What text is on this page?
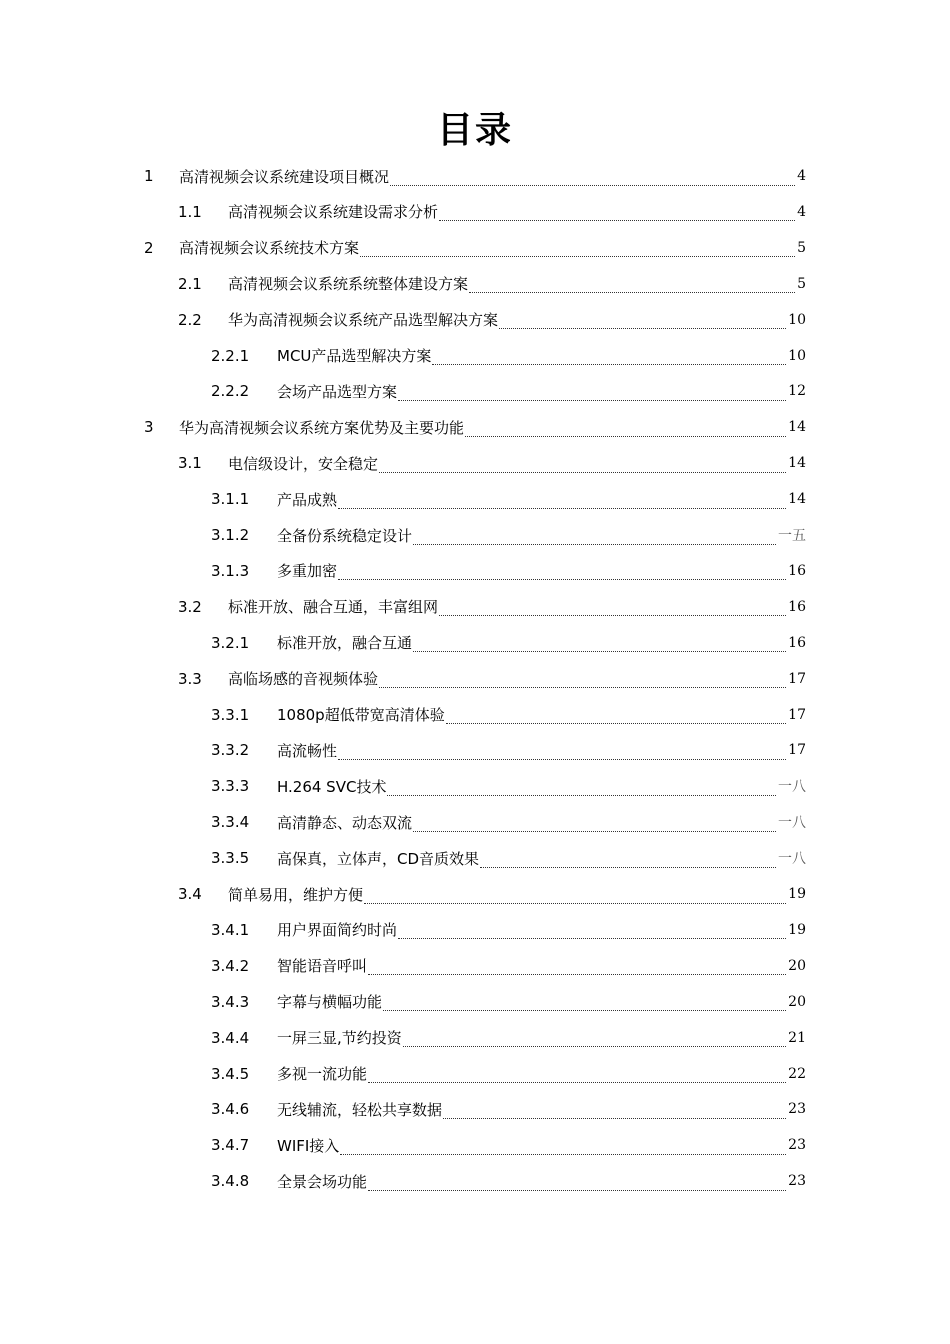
目录
1	高清视频会议系统建设项目概况	4
1.1	高清视频会议系统建设需求分析	4
2	高清视频会议系统技术方案	5
2.1	高清视频会议系统系统整体建设方案	5
2.2	华为高清视频会议系统产品选型解决方案	10
2.2.1	MCU产品选型解决方案	10
2.2.2	会场产品选型方案	12
3	华为高清视频会议系统方案优势及主要功能	14
3.1	电信级设计，安全稳定	14
3.1.1	产品成熟	14
3.1.2	全备份系统稳定设计	一五
3.1.3	多重加密	16
3.2	标准开放、融合互通，丰富组网	16
3.2.1	标准开放，融合互通	16
3.3	高临场感的音视频体验	17
3.3.1	1080p超低带宽高清体验	17
3.3.2	高流畅性	17
3.3.3	H.264 SVC技术	一八
3.3.4	高清静态、动态双流	一八
3.3.5	高保真，立体声，CD音质效果	一八
3.4	简单易用，维护方便	19
3.4.1	用户界面简约时尚	19
3.4.2	智能语音呼叫	20
3.4.3	字幕与横幅功能	20
3.4.4	一屏三显,节约投资	21
3.4.5	多视一流功能	22
3.4.6	无线辅流，轻松共享数据	23
3.4.7	WIFI接入	23
3.4.8	全景会场功能	23
